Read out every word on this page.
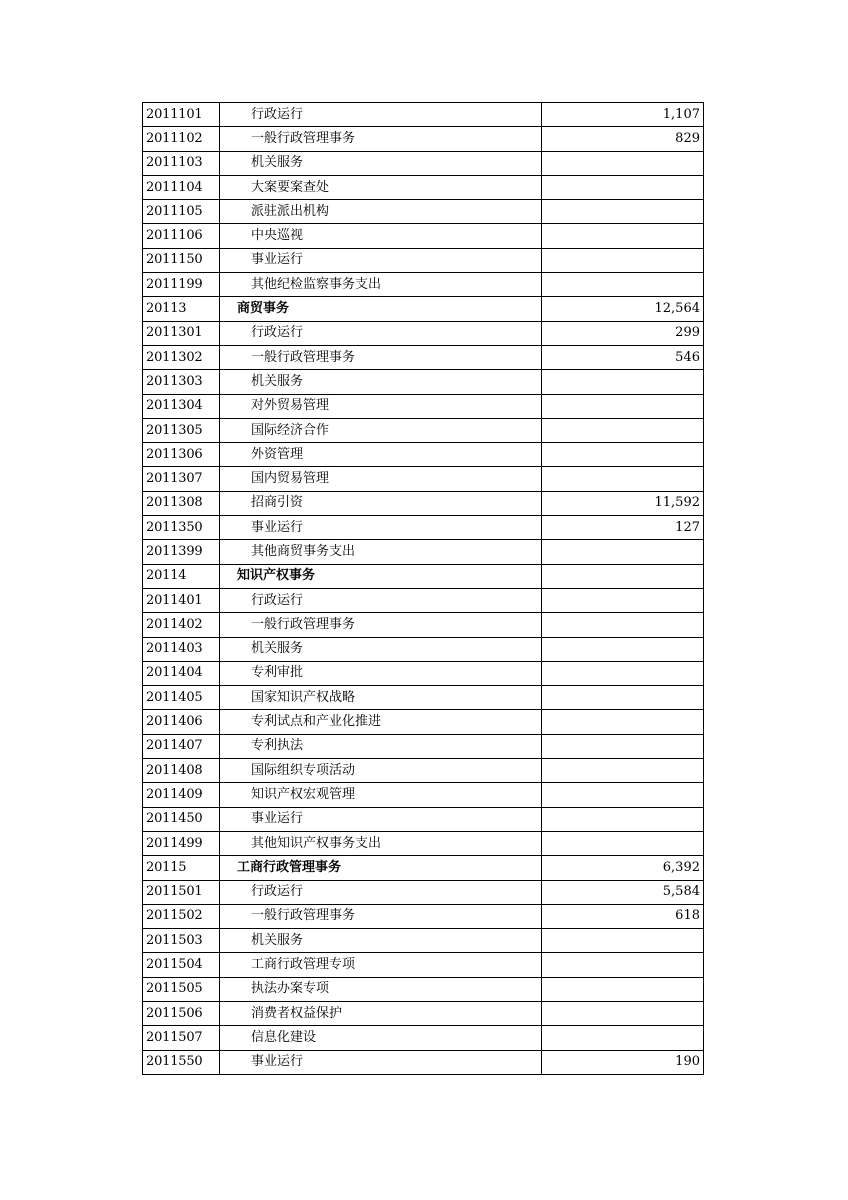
2011101	行政运行	1,107
2011102	一般行政管理事务	829
2011103	机关服务	
2011104	大案要案查处	
2011105	派驻派出机构	
2011106	中央巡视	
2011150	事业运行	
2011199	其他纪检监察事务支出	
20113	商贸事务	12,564
2011301	行政运行	299
2011302	一般行政管理事务	546
2011303	机关服务	
2011304	对外贸易管理	
2011305	国际经济合作	
2011306	外资管理	
2011307	国内贸易管理	
2011308	招商引资	11,592
2011350	事业运行	127
2011399	其他商贸事务支出	
20114	知识产权事务	
2011401	行政运行	
2011402	一般行政管理事务	
2011403	机关服务	
2011404	专利审批	
2011405	国家知识产权战略	
2011406	专利试点和产业化推进	
2011407	专利执法	
2011408	国际组织专项活动	
2011409	知识产权宏观管理	
2011450	事业运行	
2011499	其他知识产权事务支出	
20115	工商行政管理事务	6,392
2011501	行政运行	5,584
2011502	一般行政管理事务	618
2011503	机关服务	
2011504	工商行政管理专项	
2011505	执法办案专项	
2011506	消费者权益保护	
2011507	信息化建设	
2011550	事业运行	190
